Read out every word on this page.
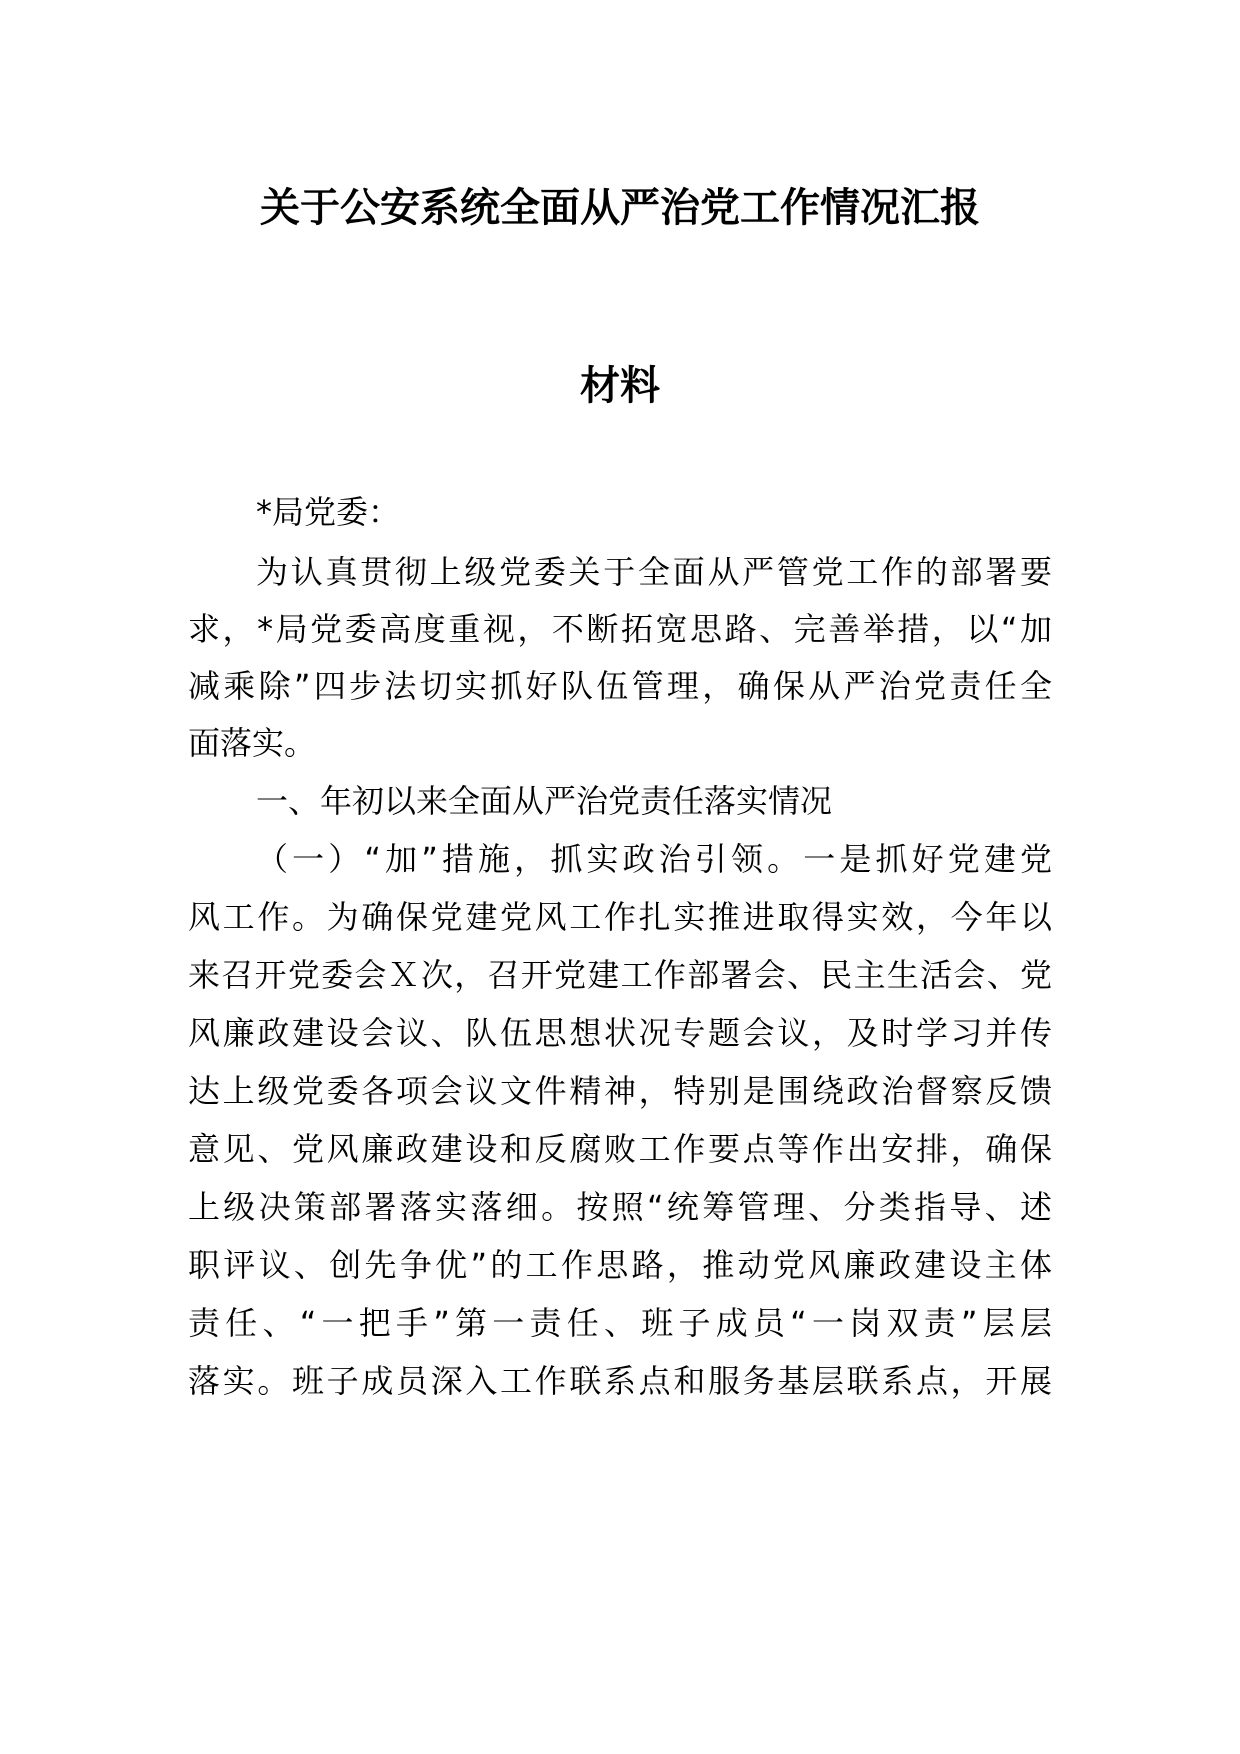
关于公安系统全面从严治党工作情况汇报
材料
*局党委：
为认真贯彻上级党委关于全面从严管党工作的部署要
求，*局党委高度重视，不断拓宽思路、完善举措，以“加
减乘除”四步法切实抓好队伍管理，确保从严治党责任全
面落实。
一、年初以来全面从严治党责任落实情况
（一）“加”措施，抓实政治引领。一是抓好党建党
风工作。为确保党建党风工作扎实推进取得实效，今年以
来召开党委会Ｘ次，召开党建工作部署会、民主生活会、党
风廉政建设会议、队伍思想状况专题会议，及时学习并传
达上级党委各项会议文件精神，特别是围绕政治督察反馈
意见、党风廉政建设和反腐败工作要点等作出安排，确保
上级决策部署落实落细。按照“统筹管理、分类指导、述
职评议、创先争优”的工作思路，推动党风廉政建设主体
责任、“一把手”第一责任、班子成员“一岗双责”层层
落实。班子成员深入工作联系点和服务基层联系点，开展
